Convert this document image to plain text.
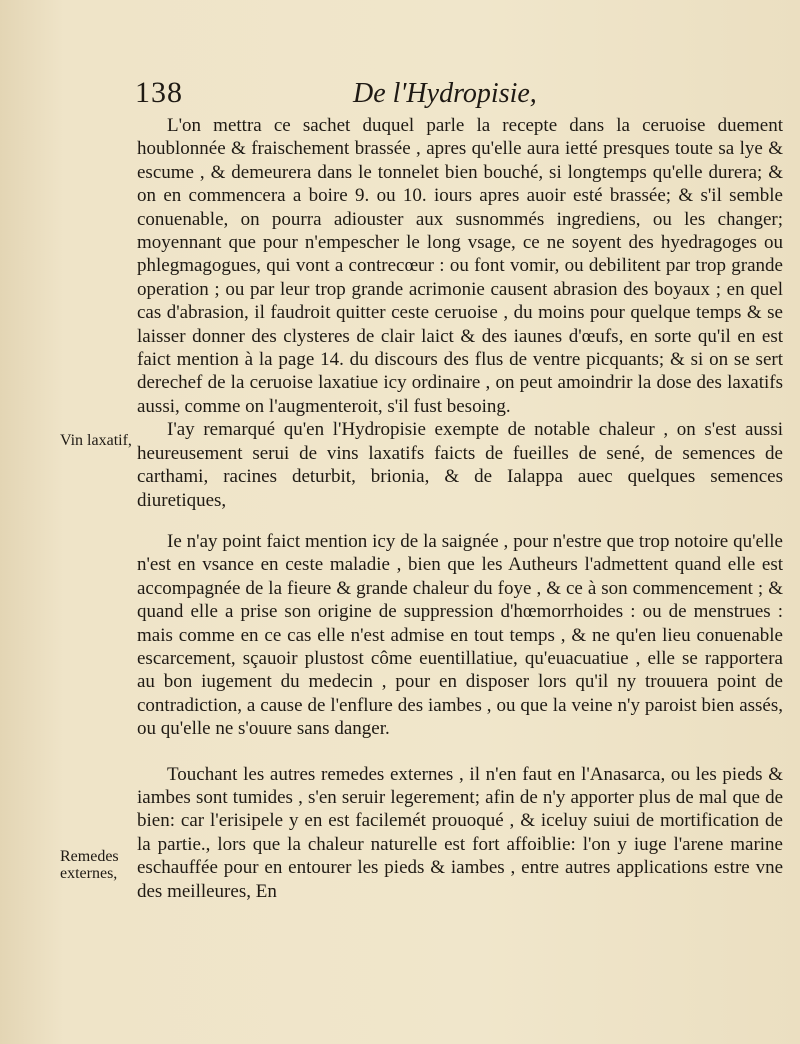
138	De l'Hydropisie,
Vin laxatif,
Remedes externes,

L'on mettra ce sachet duquel parle la recepte dans la ceruoise duement houblonnée & fraischement brassée , apres qu'elle aura ietté presques toute sa lye & escume , & demeurera dans le tonnelet bien bouché, si longtemps qu'elle durera; & on en commencera a boire 9. ou 10. iours apres auoir esté brassée; & s'il semble conuenable, on pourra adiouster aux susnommés ingrediens, ou les changer; moyennant que pour n'empescher le long vsage, ce ne soyent des hyedragoges ou phlegmagogues, qui vont a contrecœur : ou font vomir, ou debilitent par trop grande operation ; ou par leur trop grande acrimonie causent abrasion des boyaux ; en quel cas d'abrasion, il faudroit quitter ceste ceruoise , du moins pour quelque temps & se laisser donner des clysteres de clair laict & des iaunes d'œufs, en sorte qu'il en est faict mention à la page 14. du discours des flus de ventre picquants; & si on se sert derechef de la ceruoise laxatiue icy ordinaire , on peut amoindrir la dose des laxatifs aussi, comme on l'augmenteroit, s'il fust besoing.

I'ay remarqué qu'en l'Hydropisie exempte de notable chaleur , on s'est aussi heureusement serui de vins laxatifs faicts de fueilles de sené, de semences de carthami, racines deturbit, brionia, & de Ialappa auec quelques semences diuretiques,

Ie n'ay point faict mention icy de la saignée , pour n'estre que trop notoire qu'elle n'est en vsance en ceste maladie , bien que les Autheurs l'admettent quand elle est accompagnée de la fieure & grande chaleur du foye , & ce à son commencement ; & quand elle a prise son origine de suppression d'hœmorrhoides : ou de menstrues : mais comme en ce cas elle n'est admise en tout temps , & ne qu'en lieu conuenable escarcement, sçauoir plustost côme euentillatiue, qu'euacuatiue , elle se rapportera au bon iugement du medecin , pour en disposer lors qu'il ny trouuera point de contradiction, a cause de l'enflure des iambes , ou que la veine n'y paroist bien assés, ou qu'elle ne s'ouure sans danger.

Touchant les autres remedes externes , il n'en faut en l'Anasarca, ou les pieds & iambes sont tumides , s'en seruir legerement; afin de n'y apporter plus de mal que de bien: car l'erisipele y en est facilemét prouoqué , & iceluy suiui de mortification de la partie., lors que la chaleur naturelle est fort affoiblie: l'on y iuge l'arene marine eschauffée pour en entourer les pieds & iambes , entre autres applications estre vne des meilleures, En
